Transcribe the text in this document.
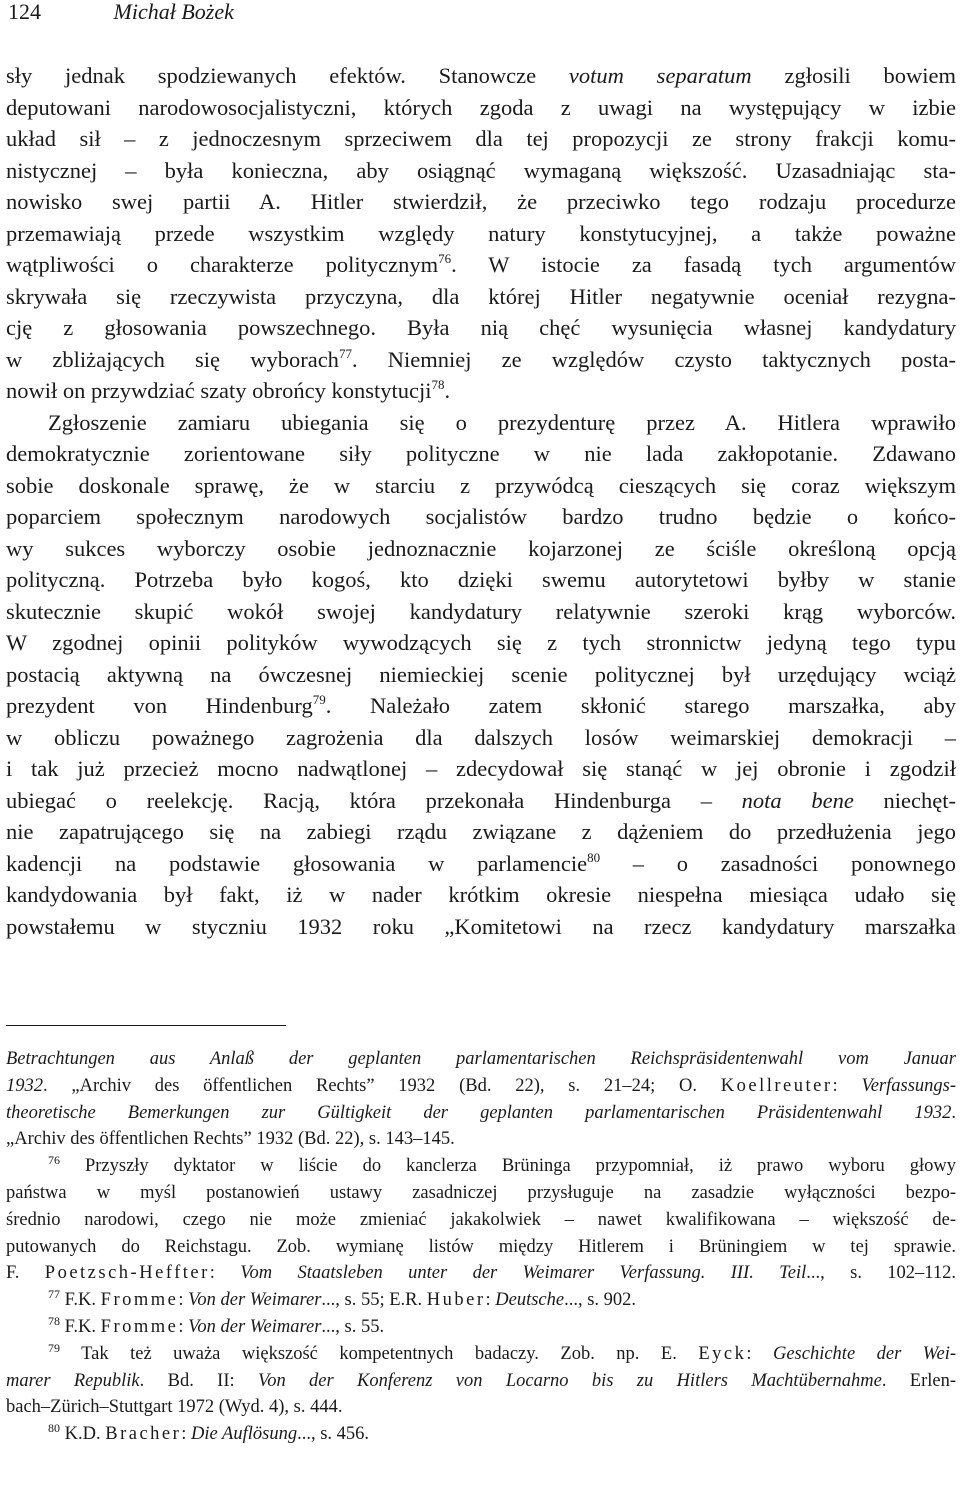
124	Michał Bożek
sły jednak spodziewanych efektów. Stanowcze votum separatum zgłosili bowiem
deputowani narodowosocjalistyczni, których zgoda z uwagi na występujący w izbie
układ sił – z jednoczesnym sprzeciwem dla tej propozycji ze strony frakcji komu-
nistycznej – była konieczna, aby osiągnąć wymaganą większość. Uzasadniając sta-
nowisko swej partii A. Hitler stwierdził, że przeciwko tego rodzaju procedurze
przemawiają przede wszystkim względy natury konstytucyjnej, a także poważne
wątpliwości o charakterze politycznym$^{76}$. W istocie za fasadą tych argumentów
skrywała się rzeczywista przyczyna, dla której Hitler negatywnie oceniał rezygna-
cję z głosowania powszechnego. Była nią chęć wysunięcia własnej kandydatury
w zbliżających się wyborach$^{77}$. Niemniej ze względów czysto taktycznych posta-
nowił on przywdziać szaty obrońcy konstytucji$^{78}$.
Zgłoszenie zamiaru ubiegania się o prezydenturę przez A. Hitlera wprawiło
demokratycznie zorientowane siły polityczne w nie lada zakłopotanie. Zdawano
sobie doskonale sprawę, że w starciu z przywódcą cieszących się coraz większym
poparciem społecznym narodowych socjalistów bardzo trudno będzie o końco-
wy sukces wyborczy osobie jednoznacznie kojarzonej ze ściśle określoną opcją
polityczną. Potrzeba było kogoś, kto dzięki swemu autorytetowi byłby w stanie
skutecznie skupić wokół swojej kandydatury relatywnie szeroki krąg wyborców.
W zgodnej opinii polityków wywodzących się z tych stronnictw jedyną tego typu
postacią aktywną na ówczesnej niemieckiej scenie politycznej był urzędujący wciąż
prezydent von Hindenburg$^{79}$. Należało zatem skłonić starego marszałka, aby
w obliczu poważnego zagrożenia dla dalszych losów weimarskiej demokracji –
i tak już przecież mocno nadwątlonej – zdecydował się stanąć w jej obronie i zgodził
ubiegać o reelekcję. Racją, która przekonała Hindenburga – nota bene niechęt-
nie zapatrującego się na zabiegi rządu związane z dążeniem do przedłużenia jego
kadencji na podstawie głosowania w parlamencie$^{80}$ – o zasadności ponownego
kandydowania był fakt, iż w nader krótkim okresie niespełna miesiąca udało się
powstałemu w styczniu 1932 roku „Komitetowi na rzecz kandydatury marszałka
Betrachtungen aus Anlaß der geplanten parlamentarischen Reichspräsidentenwahl vom Januar
1932. „Archiv des öffentlichen Rechts” 1932 (Bd. 22), s. 21–24; O. Koellreuter: Verfassungs-
theoretische Bemerkungen zur Gültigkeit der geplanten parlamentarischen Präsidentenwahl 1932.
„Archiv des öffentlichen Rechts” 1932 (Bd. 22), s. 143–145.
$^{76}$ Przyszły dyktator w liście do kanclerza Brüninga przypomniał, iż prawo wyboru głowy
państwa w myśl postanowień ustawy zasadniczej przysługuje na zasadzie wyłączności bezpo-
średnio narodowi, czego nie może zmieniać jakakolwiek – nawet kwalifikowana – większość de-
putowanych do Reichstagu. Zob. wymianę listów między Hitlerem i Brüningiem w tej sprawie.
F. Poetzsch-Heffter: Vom Staatsleben unter der Weimarer Verfassung. III. Teil..., s. 102–112.
$^{77}$ F.K. Fromme: Von der Weimarer..., s. 55; E.R. Huber: Deutsche..., s. 902.
$^{78}$ F.K. Fromme: Von der Weimarer..., s. 55.
$^{79}$ Tak też uważa większość kompetentnych badaczy. Zob. np. E. Eyck: Geschichte der Wei-
marer Republik. Bd. II: Von der Konferenz von Locarno bis zu Hitlers Machtübernahme. Erlen-
bach–Zürich–Stuttgart 1972 (Wyd. 4), s. 444.
$^{80}$ K.D. Bracher: Die Auflösung..., s. 456.
